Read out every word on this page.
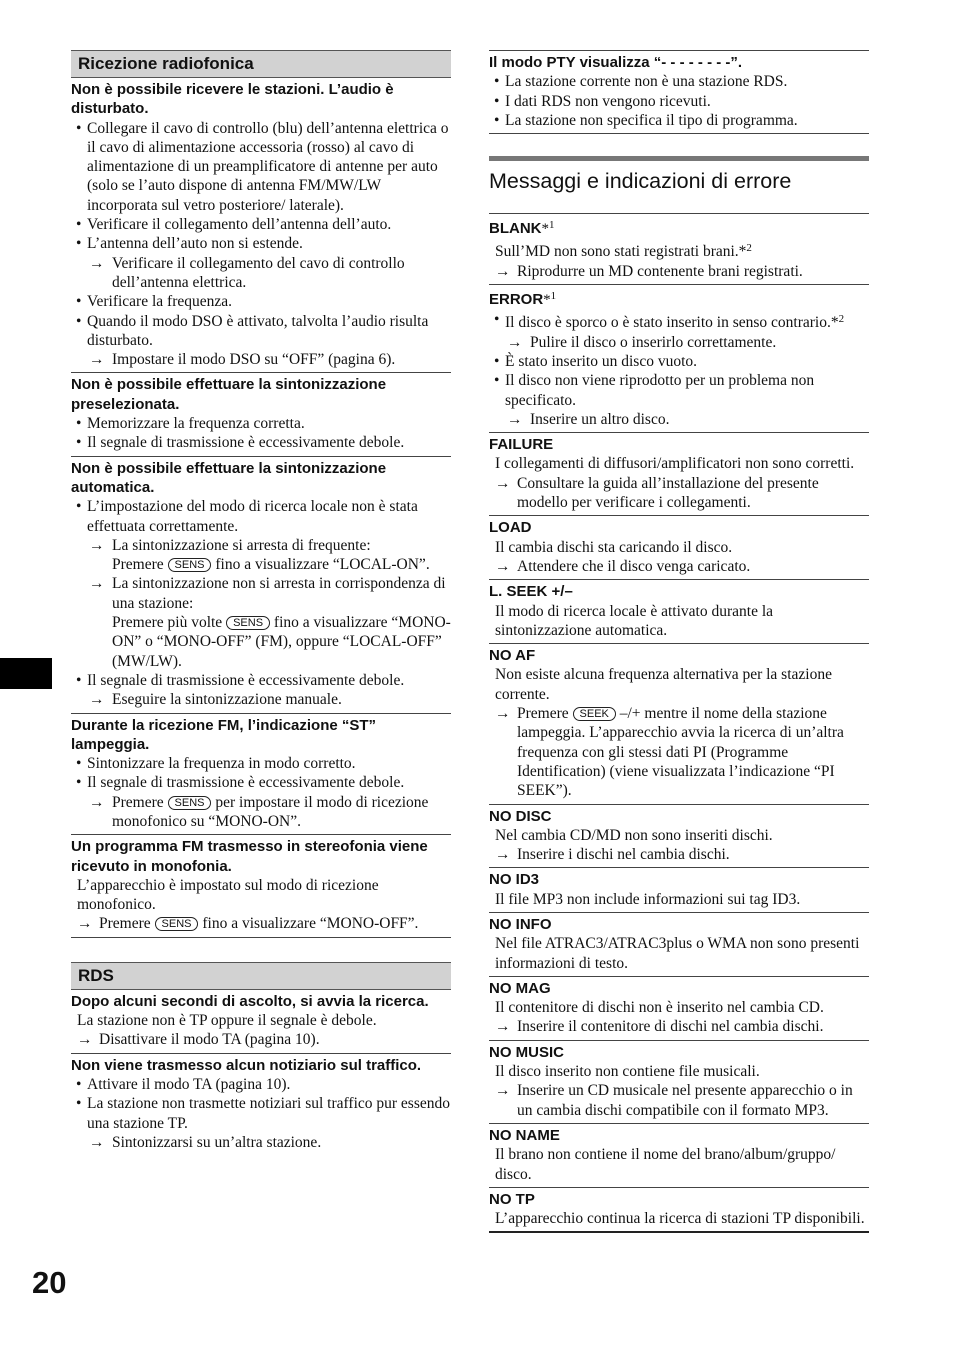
Ricezione radiofonica
Non è possibile ricevere le stazioni. L’audio è disturbato.
• Collegare il cavo di controllo (blu) dell’antenna elettrica o il cavo di alimentazione accessoria (rosso) al cavo di alimentazione di un preamplificatore di antenne per auto (solo se l’auto dispone di antenna FM/MW/LW incorporata sul vetro posteriore/ laterale).
• Verificare il collegamento dell’antenna dell’auto.
• L’antenna dell’auto non si estende.
→ Verificare il collegamento del cavo di controllo dell’antenna elettrica.
• Verificare la frequenza.
• Quando il modo DSO è attivato, talvolta l’audio risulta disturbato.
→ Impostare il modo DSO su “OFF” (pagina 6).
Non è possibile effettuare la sintonizzazione preselezionata.
• Memorizzare la frequenza corretta.
• Il segnale di trasmissione è eccessivamente debole.
Non è possibile effettuare la sintonizzazione automatica.
• L’impostazione del modo di ricerca locale non è stata effettuata correttamente.
→ La sintonizzazione si arresta di frequente:
Premere SENS fino a visualizzare “LOCAL-ON”.
→ La sintonizzazione non si arresta in corrispondenza di una stazione:
Premere più volte SENS fino a visualizzare “MONO-ON” o “MONO-OFF” (FM), oppure “LOCAL-OFF” (MW/LW).
• Il segnale di trasmissione è eccessivamente debole.
→ Eseguire la sintonizzazione manuale.
Durante la ricezione FM, l’indicazione “ST” lampeggia.
• Sintonizzare la frequenza in modo corretto.
• Il segnale di trasmissione è eccessivamente debole.
→ Premere SENS per impostare il modo di ricezione monofonico su “MONO-ON”.
Un programma FM trasmesso in stereofonia viene ricevuto in monofonia.
L’apparecchio è impostato sul modo di ricezione monofonico.
→ Premere SENS fino a visualizzare “MONO-OFF”.
RDS
Dopo alcuni secondi di ascolto, si avvia la ricerca.
La stazione non è TP oppure il segnale è debole.
→ Disattivare il modo TA (pagina 10).
Non viene trasmesso alcun notiziario sul traffico.
• Attivare il modo TA (pagina 10).
• La stazione non trasmette notiziari sul traffico pur essendo una stazione TP.
→ Sintonizzarsi su un’altra stazione.
Il modo PTY visualizza “- - - - - - - -”.
• La stazione corrente non è una stazione RDS.
• I dati RDS non vengono ricevuti.
• La stazione non specifica il tipo di programma.
Messaggi e indicazioni di errore
BLANK*$^1$
Sull’MD non sono stati registrati brani.*$^2$
→ Riprodurre un MD contenente brani registrati.
ERROR*$^1$
• Il disco è sporco o è stato inserito in senso contrario.*$^2$
→ Pulire il disco o inserirlo correttamente.
• È stato inserito un disco vuoto.
• Il disco non viene riprodotto per un problema non specificato.
→ Inserire un altro disco.
FAILURE
I collegamenti di diffusori/amplificatori non sono corretti.
→ Consultare la guida all’installazione del presente modello per verificare i collegamenti.
LOAD
Il cambia dischi sta caricando il disco.
→ Attendere che il disco venga caricato.
L. SEEK +/–
Il modo di ricerca locale è attivato durante la sintonizzazione automatica.
NO AF
Non esiste alcuna frequenza alternativa per la stazione corrente.
→ Premere SEEK –/+ mentre il nome della stazione lampeggia. L’apparecchio avvia la ricerca di un’altra frequenza con gli stessi dati PI (Programme Identification) (viene visualizzata l’indicazione “PI SEEK”).
NO DISC
Nel cambia CD/MD non sono inseriti dischi.
→ Inserire i dischi nel cambia dischi.
NO ID3
Il file MP3 non include informazioni sui tag ID3.
NO INFO
Nel file ATRAC3/ATRAC3plus o WMA non sono presenti informazioni di testo.
NO MAG
Il contenitore di dischi non è inserito nel cambia CD.
→ Inserire il contenitore di dischi nel cambia dischi.
NO MUSIC
Il disco inserito non contiene file musicali.
→ Inserire un CD musicale nel presente apparecchio o in un cambia dischi compatibile con il formato MP3.
NO NAME
Il brano non contiene il nome del brano/album/gruppo/ disco.
NO TP
L’apparecchio continua la ricerca di stazioni TP disponibili.
20
